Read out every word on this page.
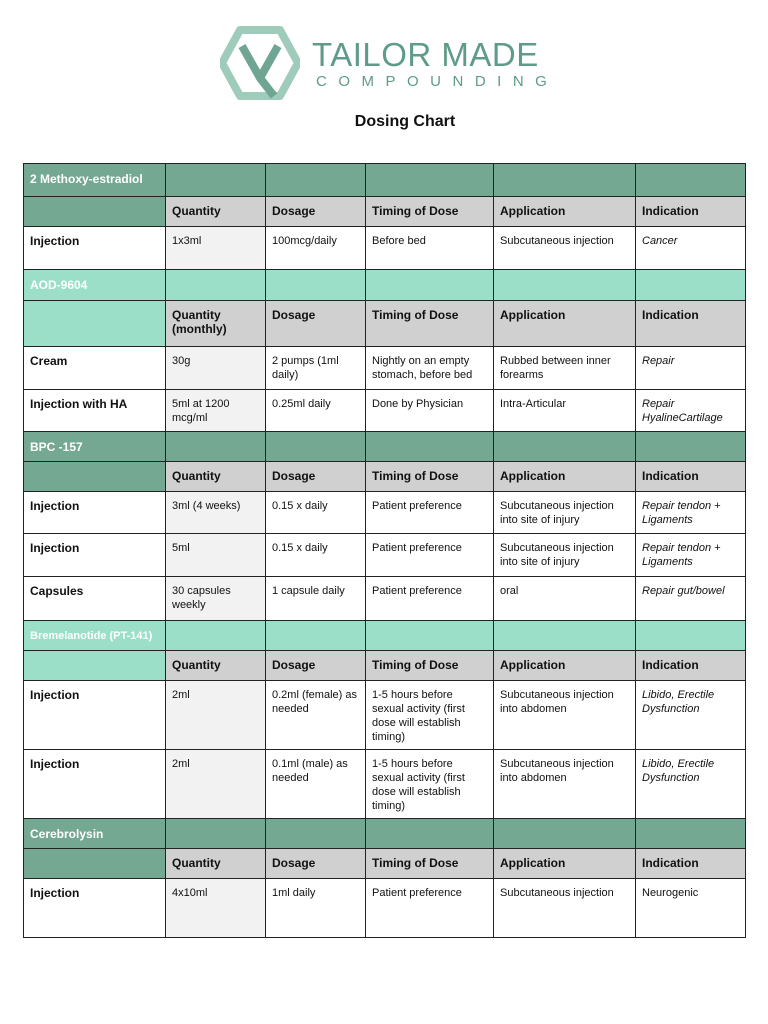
TAILOR MADE
COMPOUNDING
Dosing Chart
2 Methoxy-estradiol					
	Quantity	Dosage	Timing of Dose	Application	Indication
Injection	1x3ml	100mcg/daily	Before bed	Subcutaneous injection	Cancer
AOD-9604					
	Quantity (monthly)	Dosage	Timing of Dose	Application	Indication
Cream	30g	2 pumps (1ml daily)	Nightly on an empty stomach, before bed	Rubbed between inner forearms	Repair
Injection with HA	5ml at 1200 mcg/ml	0.25ml daily	Done by Physician	Intra-Articular	Repair HyalineCartilage
BPC -157					
	Quantity	Dosage	Timing of Dose	Application	Indication
Injection	3ml (4 weeks)	0.15 x daily	Patient preference	Subcutaneous injection into site of injury	Repair tendon + Ligaments
Injection	5ml	0.15 x daily	Patient preference	Subcutaneous injection into site of injury	Repair tendon + Ligaments
Capsules	30 capsules weekly	1 capsule daily	Patient preference	oral	Repair gut/bowel
Bremelanotide (PT-141)					
	Quantity	Dosage	Timing of Dose	Application	Indication
Injection	2ml	0.2ml (female) as needed	1-5 hours before sexual activity (first dose will establish timing)	Subcutaneous injection into abdomen	Libido, Erectile Dysfunction
Injection	2ml	0.1ml (male) as needed	1-5 hours before sexual activity (first dose will establish timing)	Subcutaneous injection into abdomen	Libido, Erectile Dysfunction
Cerebrolysin					
	Quantity	Dosage	Timing of Dose	Application	Indication
Injection	4x10ml	1ml daily	Patient preference	Subcutaneous injection	Neurogenic
